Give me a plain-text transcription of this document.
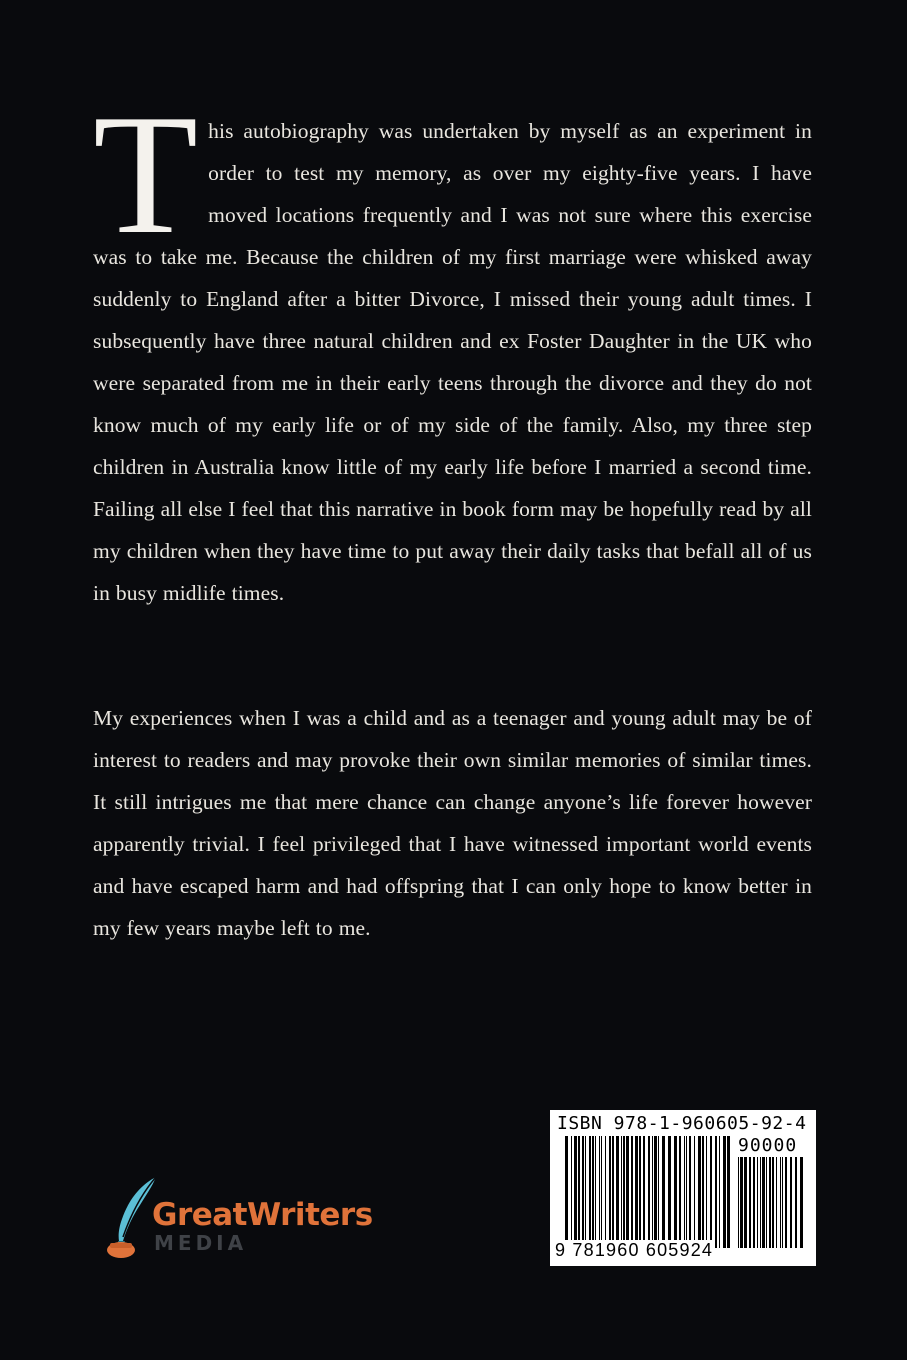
T his autobiography was undertaken by myself as an experiment in order to test my memory, as over my eighty-five years. I have moved locations frequently and I was not sure where this exercise was to take me. Because the children of my first marriage were whisked away suddenly to England after a bitter Divorce, I missed their young adult times. I subsequently have three natural children and ex Foster Daughter in the UK who were separated from me in their early teens through the divorce and they do not know much of my early life or of my side of the family. Also, my three step children in Australia know little of my early life before I married a second time. Failing all else I feel that this narrative in book form may be hopefully read by all my children when they have time to put away their daily tasks that befall all of us in busy midlife times.
My experiences when I was a child and as a teenager and young adult may be of interest to readers and may provoke their own similar memories of similar times. It still intrigues me that mere chance can change anyone’s life forever however apparently trivial. I feel privileged that I have witnessed important world events and have escaped harm and had offspring that I can only hope to know better in my few years maybe left to me.
ISBN 978-1-960605-92-4
90000
9 781960 605924
GreatWriters
MEDIA
